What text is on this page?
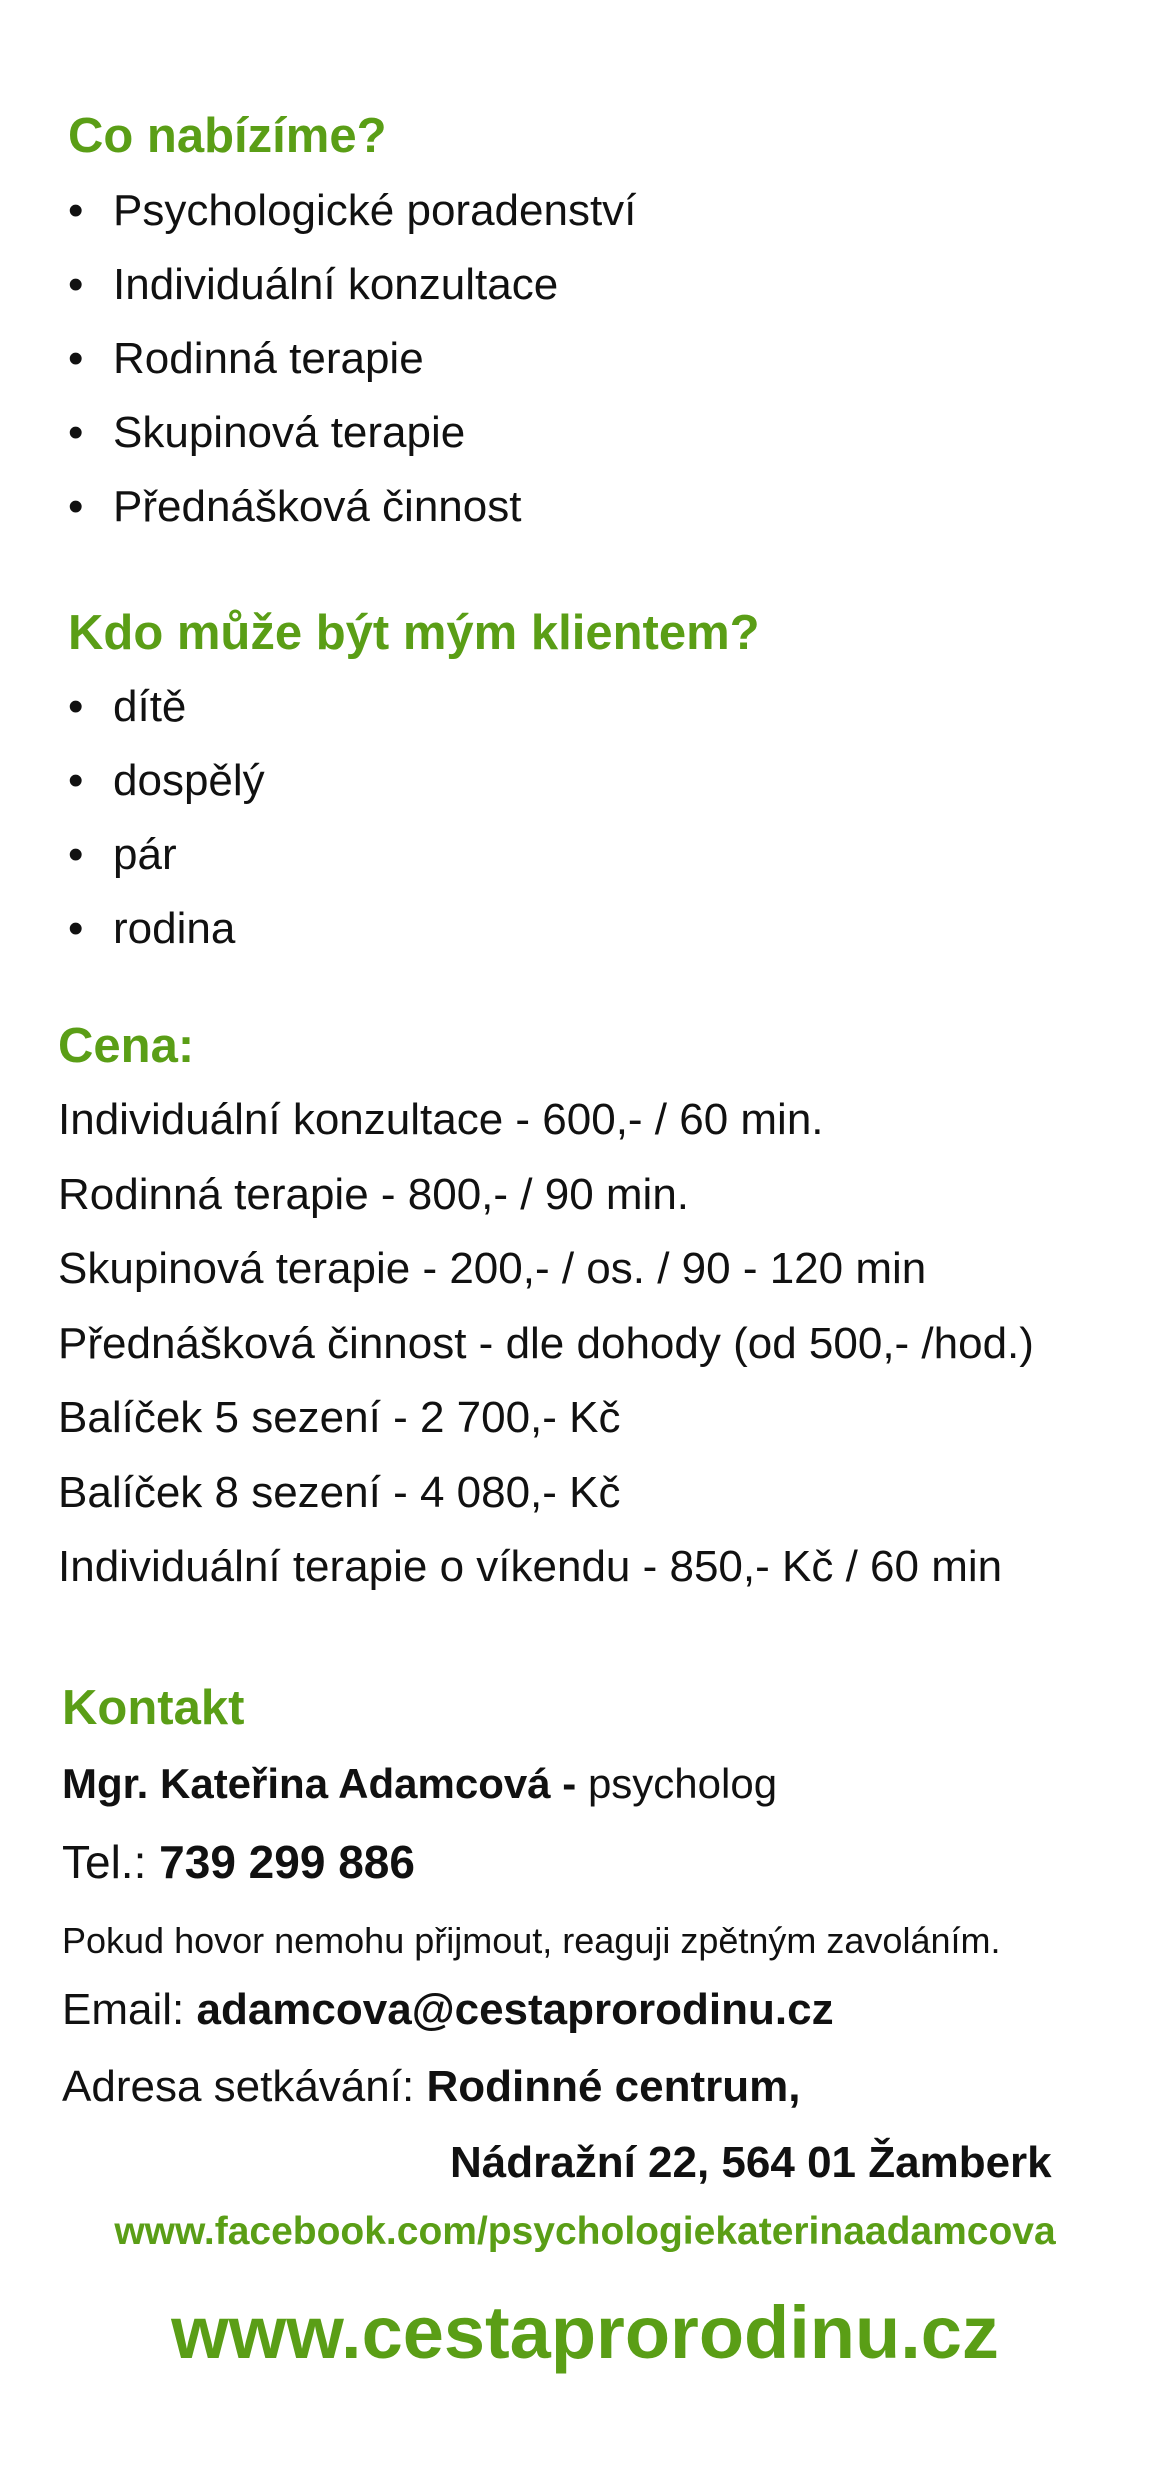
Co nabízíme?
• Psychologické poradenství
• Individuální konzultace
• Rodinná terapie
• Skupinová terapie
• Přednášková činnost
Kdo může být mým klientem?
• dítě
• dospělý
• pár
• rodina
Cena:
Individuální konzultace - 600,- / 60 min.
Rodinná terapie - 800,- / 90 min.
Skupinová terapie - 200,- / os. / 90 - 120 min
Přednášková činnost - dle dohody (od 500,- /hod.)
Balíček 5 sezení - 2 700,- Kč
Balíček 8 sezení - 4 080,- Kč
Individuální terapie o víkendu - 850,- Kč / 60 min
Kontakt
Mgr. Kateřina Adamcová - psycholog
Tel.: 739 299 886
Pokud hovor nemohu přijmout, reaguji zpětným zavoláním.
Email: adamcova@cestaprorodinu.cz
Adresa setkávání: Rodinné centrum,
Nádražní 22, 564 01 Žamberk
www.facebook.com/psychologiekaterinaadamcova
www.cestaprorodinu.cz
